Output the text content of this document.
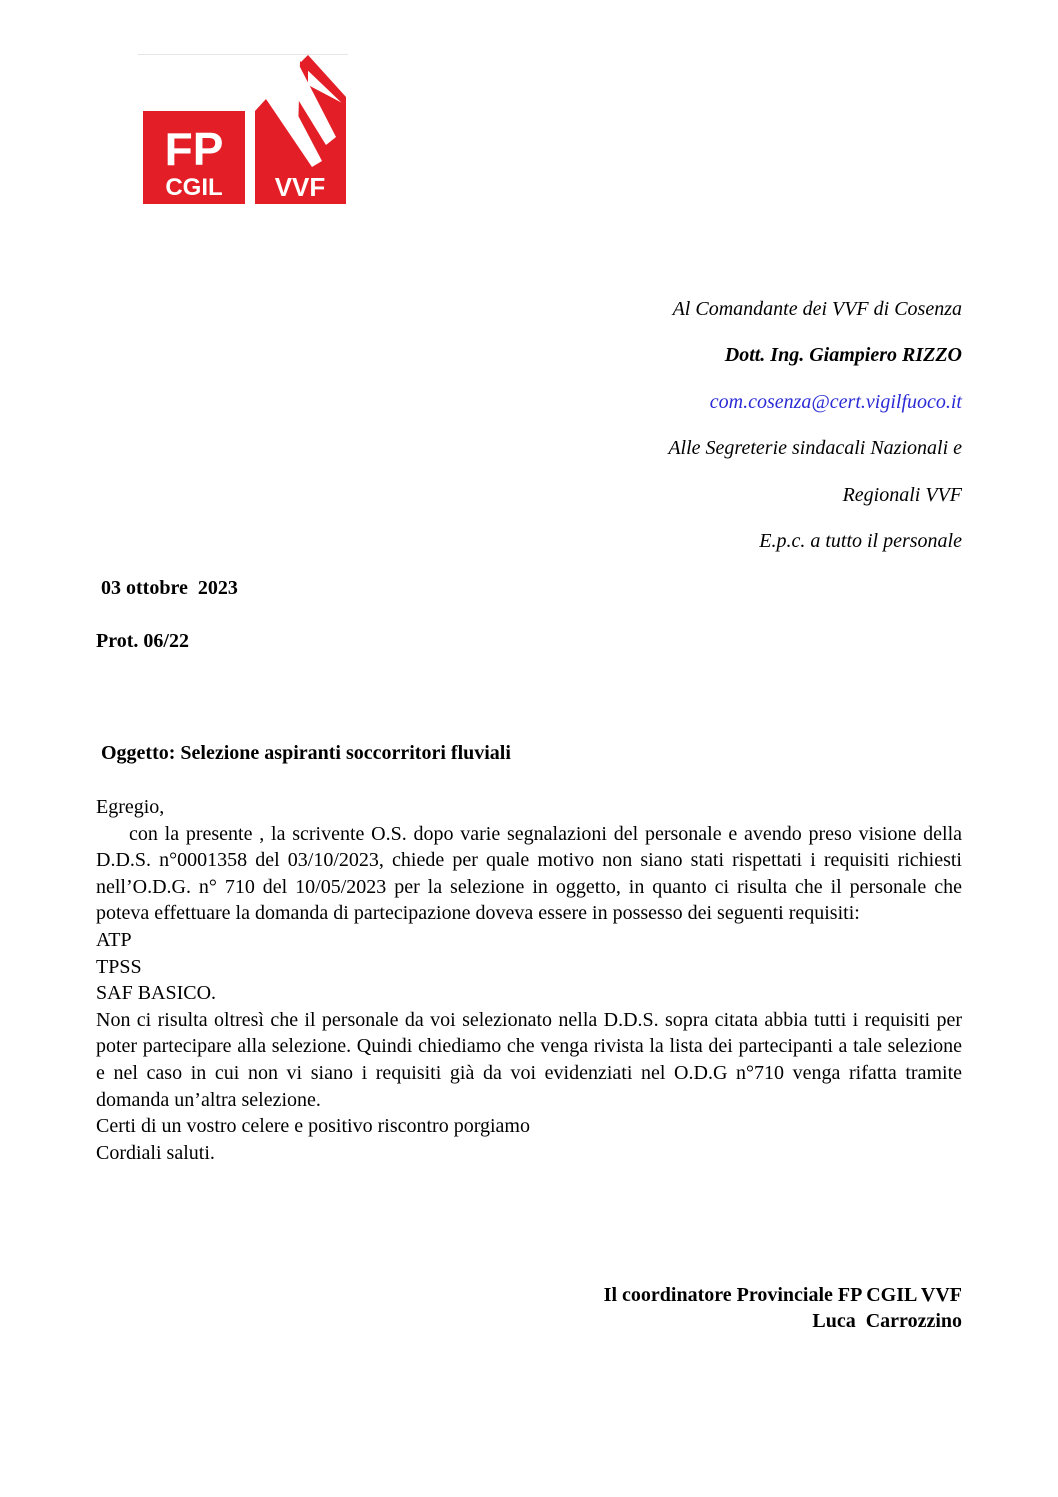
FP
CGIL VVF
Al Comandante dei VVF di Cosenza
Dott. Ing. Giampiero RIZZO
com.cosenza@cert.vigilfuoco.it
Alle Segreterie sindacali Nazionali e
Regionali VVF
E.p.c. a tutto il personale
03 ottobre  2023
Prot. 06/22
Oggetto: Selezione aspiranti soccorritori fluviali

Egregio,

con la presente , la scrivente O.S. dopo varie segnalazioni del personale e avendo preso visione della D.D.S. n°0001358 del 03/10/2023, chiede per quale motivo non siano stati rispettati i requisiti richiesti nell’O.D.G. n° 710 del 10/05/2023 per la selezione in oggetto, in quanto ci risulta che il personale che poteva effettuare la domanda di partecipazione doveva essere in possesso dei seguenti requisiti:

ATP

TPSS

SAF BASICO.

Non ci risulta oltresì che il personale da voi selezionato nella D.D.S. sopra citata abbia tutti i requisiti per poter partecipare alla selezione. Quindi chiediamo che venga rivista la lista dei partecipanti a tale selezione e nel caso in cui non vi siano i requisiti già da voi evidenziati nel O.D.G n°710 venga rifatta tramite domanda un’altra selezione.

Certi di un vostro celere e positivo riscontro porgiamo

Cordiali saluti.

Il coordinatore Provinciale FP CGIL VVF
Luca  Carrozzino
